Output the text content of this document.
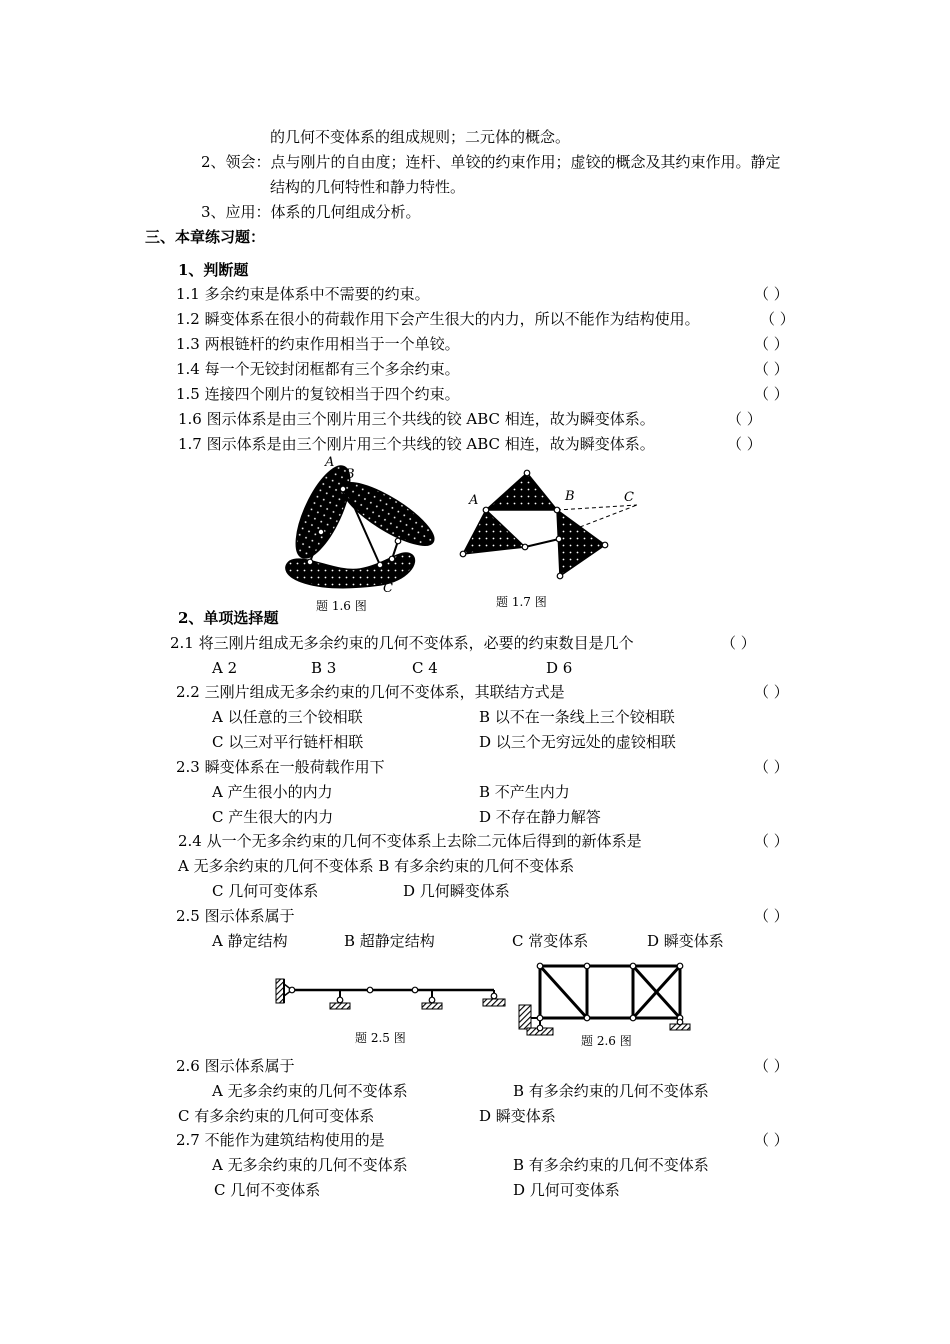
的几何不变体系的组成规则；二元体的概念。
2、领会：点与刚片的自由度；连杆、单铰的约束作用；虚铰的概念及其约束作用。静定
结构的几何特性和静力特性。
3、应用：体系的几何组成分析。
三、本章练习题：
1、判断题
1.1 多余约束是体系中不需要的约束。	（ ）
1.2 瞬变体系在很小的荷载作用下会产生很大的内力，所以不能作为结构使用。	（ ）
1.3 两根链杆的约束作用相当于一个单铰。	（ ）
1.4 每一个无铰封闭框都有三个多余约束。	（ ）
1.5 连接四个刚片的复铰相当于四个约束。	（ ）
1.6 图示体系是由三个刚片用三个共线的铰 ABC 相连，故为瞬变体系。	（ ）
1.7 图示体系是由三个刚片用三个共线的铰 ABC 相连，故为瞬变体系。	（ ）
A
B
C
题 1.6 图
A	B	C
题 1.7 图
2、单项选择题
2.1 将三刚片组成无多余约束的几何不变体系，必要的约束数目是几个	（ ）
A 2	B 3	C 4	D 6
2.2 三刚片组成无多余约束的几何不变体系，其联结方式是	（ ）
A 以任意的三个铰相联	B 以不在一条线上三个铰相联
C 以三对平行链杆相联	D 以三个无穷远处的虚铰相联
2.3 瞬变体系在一般荷载作用下	（ ）
A 产生很小的内力	B 不产生内力
C 产生很大的内力	D 不存在静力解答
2.4 从一个无多余约束的几何不变体系上去除二元体后得到的新体系是	（ ）
A 无多余约束的几何不变体系 B 有多余约束的几何不变体系
C 几何可变体系	D 几何瞬变体系
2.5 图示体系属于	（ ）
A 静定结构	B 超静定结构	C 常变体系	D 瞬变体系
题 2.5 图	题 2.6 图
2.6 图示体系属于	（ ）
A 无多余约束的几何不变体系	B 有多余约束的几何不变体系
C 有多余约束的几何可变体系	D 瞬变体系
2.7 不能作为建筑结构使用的是	（ ）
A 无多余约束的几何不变体系	B 有多余约束的几何不变体系
C 几何不变体系	D 几何可变体系
